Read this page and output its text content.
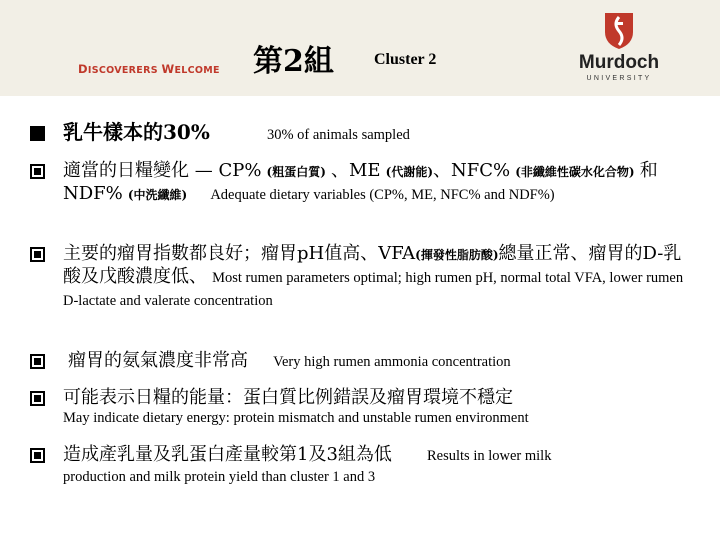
DISCOVERERS WELCOME 第2組	Cluster 2	Murdoch
UNIVERSITY
乳牛樣本的30%	30% of animals sampled
適當的日糧變化 — CP% (粗蛋白質) 、ME (代謝能)、NFC% (非纖維性碳水化合物) 和NDF% (中洗纖維) Adequate dietary variables (CP%, ME, NFC% and NDF%)
主要的瘤胃指數都良好；瘤胃pH值高、VFA(揮發性脂肪酸)總量正常、瘤胃的D-乳酸及戊酸濃度低、 Most rumen parameters optimal; high rumen pH, normal total VFA, lower rumen D-lactate and valerate concentration
瘤胃的氨氣濃度非常高 Very high rumen ammonia concentration
可能表示日糧的能量：蛋白質比例錯誤及瘤胃環境不穩定
May indicate dietary energy: protein mismatch and unstable rumen environment
造成產乳量及乳蛋白產量較第1及3組為低 Results in lower milk
production and milk protein yield than cluster 1 and 3
